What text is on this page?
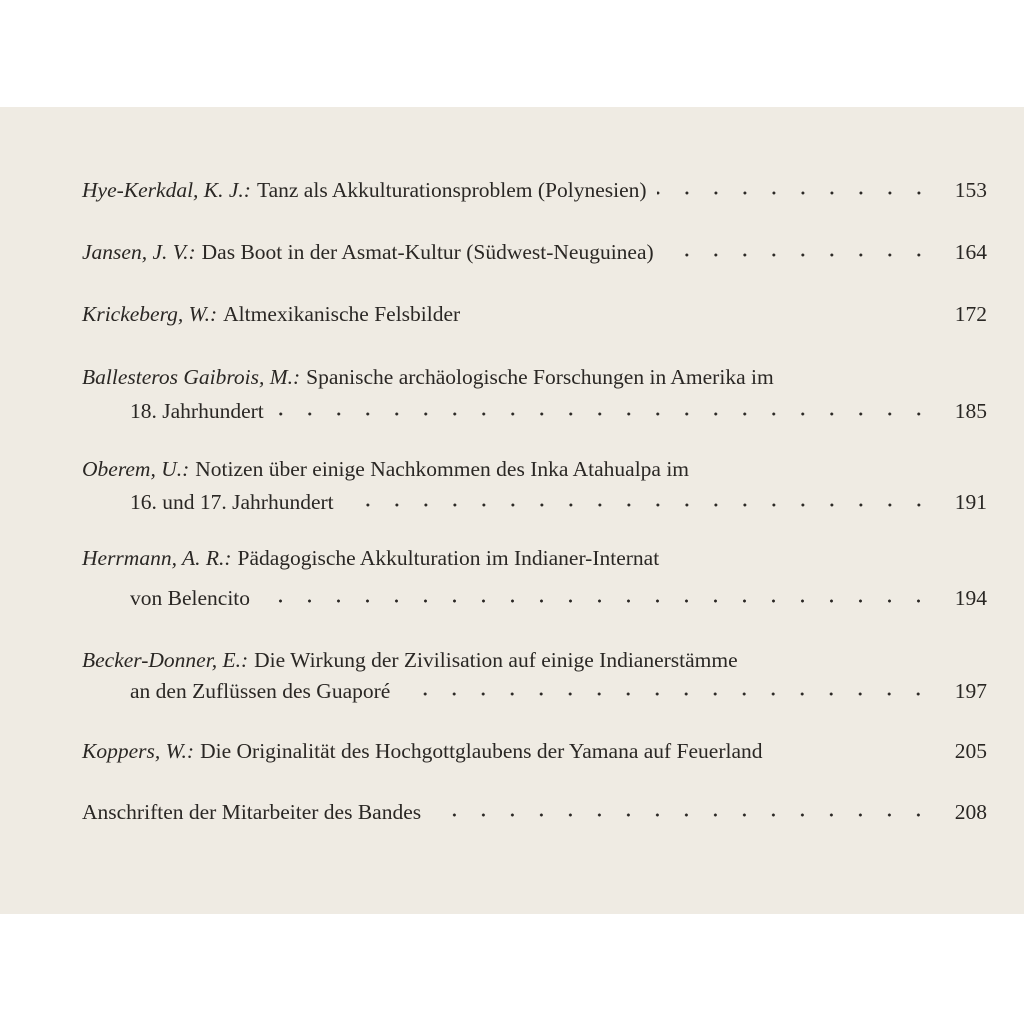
Hye-Kerkdal, K. J.: Tanz als Akkulturationsproblem (Polynesien)	153
Jansen, J. V.: Das Boot in der Asmat-Kultur (Südwest-Neuguinea)	164
Krickeberg, W.: Altmexikanische Felsbilder	172
Ballesteros Gaibrois, M.: Spanische archäologische Forschungen in Amerika im
18. Jahrhundert	185
Oberem, U.: Notizen über einige Nachkommen des Inka Atahualpa im
16. und 17. Jahrhundert	191
Herrmann, A. R.: Pädagogische Akkulturation im Indianer-Internat
von Belencito	194
Becker-Donner, E.: Die Wirkung der Zivilisation auf einige Indianerstämme
an den Zuflüssen des Guaporé	197
Koppers, W.: Die Originalität des Hochgottglaubens der Yamana auf Feuerland	205
Anschriften der Mitarbeiter des Bandes	208
